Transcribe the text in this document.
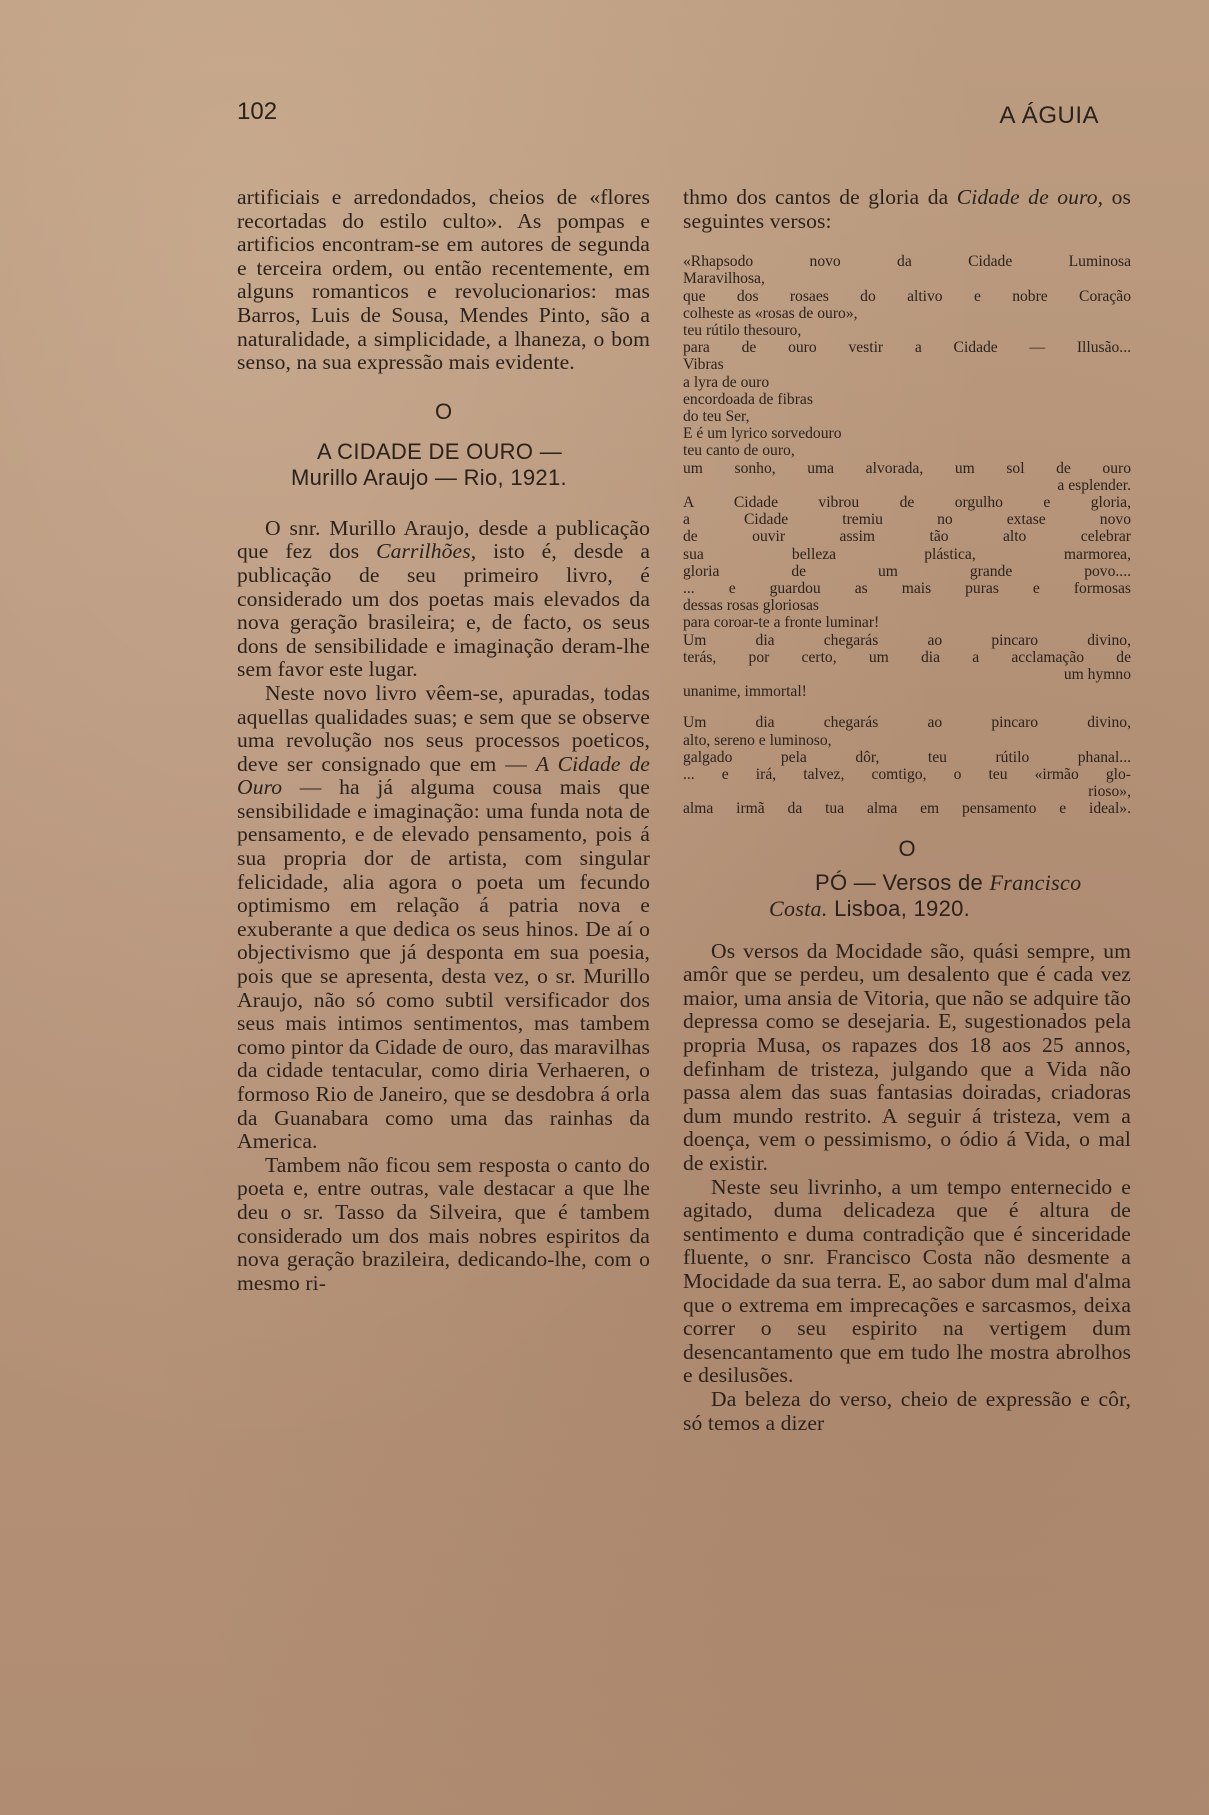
102	A ÁGUIA

artificiais e arredondados, cheios de «flores recortadas do estilo culto». As pompas e artificios encontram-se em autores de segunda e terceira ordem, ou então recentemente, em alguns romanticos e revolucionarios: mas Barros, Luis de Sousa, Mendes Pinto, são a naturalidade, a simplicidade, a lhaneza, o bom senso, na sua expressão mais evidente.

O
A CIDADE DE OURO —
Murillo Araujo — Rio, 1921.

O snr. Murillo Araujo, desde a publicação que fez dos Carrilhões, isto é, desde a publicação de seu primeiro livro, é considerado um dos poetas mais elevados da nova geração brasileira; e, de facto, os seus dons de sensibilidade e imaginação deram-lhe sem favor este lugar.

Neste novo livro vêem-se, apuradas, todas aquellas qualidades suas; e sem que se observe uma revolução nos seus processos poeticos, deve ser consignado que em — A Cidade de Ouro — ha já alguma cousa mais que sensibilidade e imaginação: uma funda nota de pensamento, e de elevado pensamento, pois á sua propria dor de artista, com singular felicidade, alia agora o poeta um fecundo optimismo em relação á patria nova e exuberante a que dedica os seus hinos. De aí o objectivismo que já desponta em sua poesia, pois que se apresenta, desta vez, o sr. Murillo Araujo, não só como subtil versificador dos seus mais intimos sentimentos, mas tambem como pintor da Cidade de ouro, das maravilhas da cidade tentacular, como diria Verhaeren, o formoso Rio de Janeiro, que se desdobra á orla da Guanabara como uma das rainhas da America.

Tambem não ficou sem resposta o canto do poeta e, entre outras, vale destacar a que lhe deu o sr. Tasso da Silveira, que é tambem considerado um dos mais nobres espiritos da nova geração brazileira, dedicando-lhe, com o mesmo ri-

thmo dos cantos de gloria da Cidade de ouro, os seguintes versos:

«Rhapsodo novo da Cidade Luminosa
Maravilhosa,
que dos rosaes do altivo e nobre Coração
colheste as «rosas de ouro»,
teu rútilo thesouro,
para de ouro vestir a Cidade — Illusão...
Vibras
a lyra de ouro
encordoada de fibras
do teu Ser,
E é um lyrico sorvedouro
teu canto de ouro,
um sonho, uma alvorada, um sol de ouro
a esplender.
A Cidade vibrou de orgulho e gloria,
a Cidade tremiu no extase novo
de ouvir assim tão alto celebrar
sua belleza plástica, marmorea,
gloria de um grande povo....
... e guardou as mais puras e formosas
dessas rosas gloriosas
para coroar-te a fronte luminar!
Um dia chegarás ao pincaro divino,
terás, por certo, um dia a acclamação de
um hymno
unanime, immortal!
Um dia chegarás ao pincaro divino,
alto, sereno e luminoso,
galgado pela dôr, teu rútilo phanal...
... e irá, talvez, comtigo, o teu «irmão glo-
rioso»,
alma irmã da tua alma em pensamento e ideal».
O
PÓ — Versos de Francisco
Costa. Lisboa, 1920.

Os versos da Mocidade são, quási sempre, um amôr que se perdeu, um desalento que é cada vez maior, uma ansia de Vitoria, que não se adquire tão depressa como se desejaria. E, sugestionados pela propria Musa, os rapazes dos 18 aos 25 annos, definham de tristeza, julgando que a Vida não passa alem das suas fantasias doiradas, criadoras dum mundo restrito. A seguir á tristeza, vem a doença, vem o pessimismo, o ódio á Vida, o mal de existir.

Neste seu livrinho, a um tempo enternecido e agitado, duma delicadeza que é altura de sentimento e duma contradição que é sinceridade fluente, o snr. Francisco Costa não desmente a Mocidade da sua terra. E, ao sabor dum mal d'alma que o extrema em imprecações e sarcasmos, deixa correr o seu espirito na vertigem dum desencantamento que em tudo lhe mostra abrolhos e desilusões.

Da beleza do verso, cheio de expressão e côr, só temos a dizer
